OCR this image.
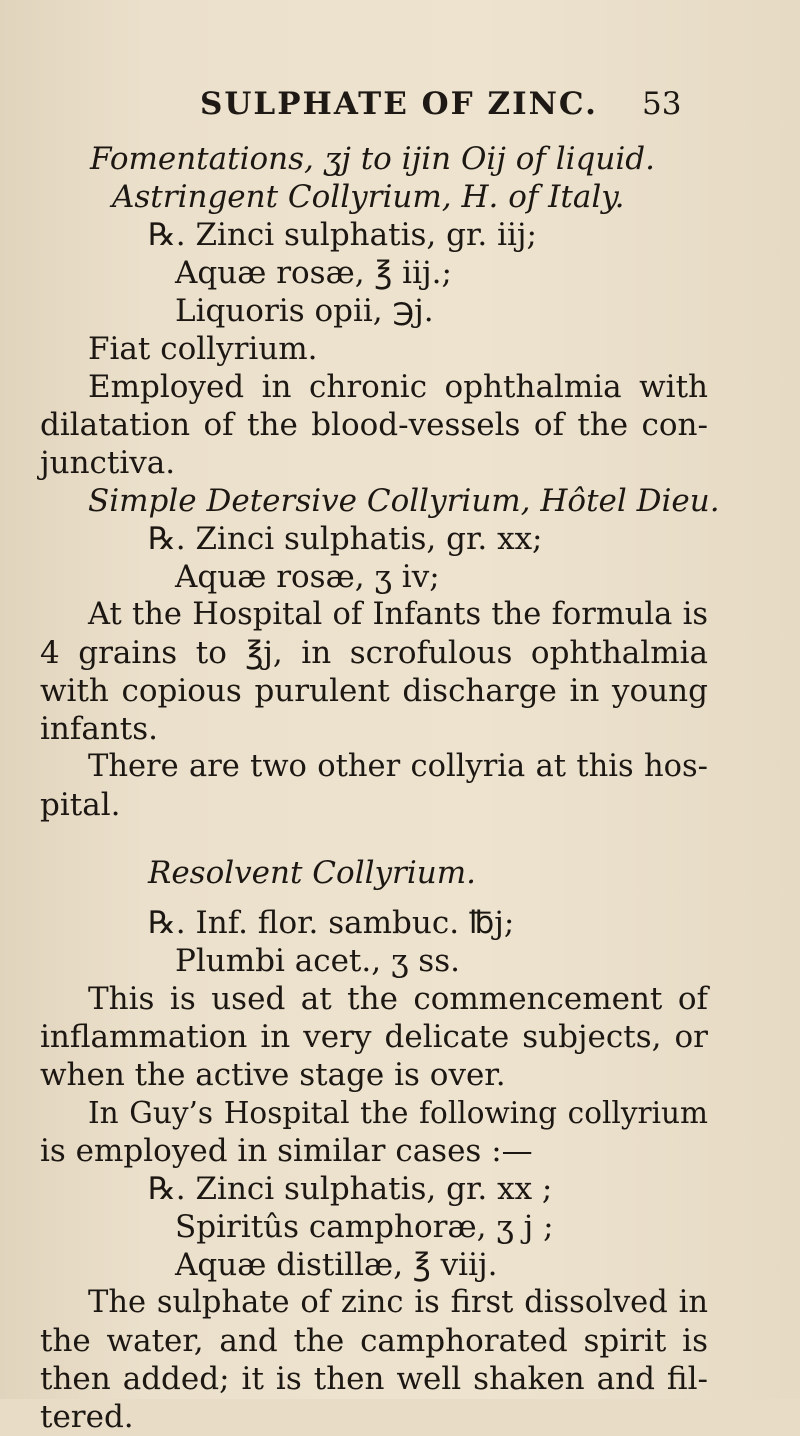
SULPHATE OF ZINC. 53
Fomentations, ʒj to ijin Oij of liquid.
Astringent Collyrium, H. of Italy.
℞. Zinci sulphatis, gr. iij;
Aquæ rosæ, ℥ iij.;
Liquoris opii, ℈j.
Fiat collyrium.
Employed in chronic ophthalmia with
dilatation of the blood-vessels of the con-
junctiva.
Simple Detersive Collyrium, Hôtel Dieu.
℞. Zinci sulphatis, gr. xx;
Aquæ rosæ, ʒ iv;
At the Hospital of Infants the formula is
4 grains to ℥j, in scrofulous ophthalmia
with copious purulent discharge in young
infants.
There are two other collyria at this hos-
pital.
Resolvent Collyrium.
℞. Inf. flor. sambuc. ℔j;
Plumbi acet., ʒ ss.
This is used at the commencement of
inflammation in very delicate subjects, or
when the active stage is over.
In Guy’s Hospital the following collyrium
is employed in similar cases :—
℞. Zinci sulphatis, gr. xx ;
Spiritûs camphoræ, ʒ j ;
Aquæ distillæ, ℥ viij.
The sulphate of zinc is first dissolved in
the water, and the camphorated spirit is
then added; it is then well shaken and fil-
tered.
